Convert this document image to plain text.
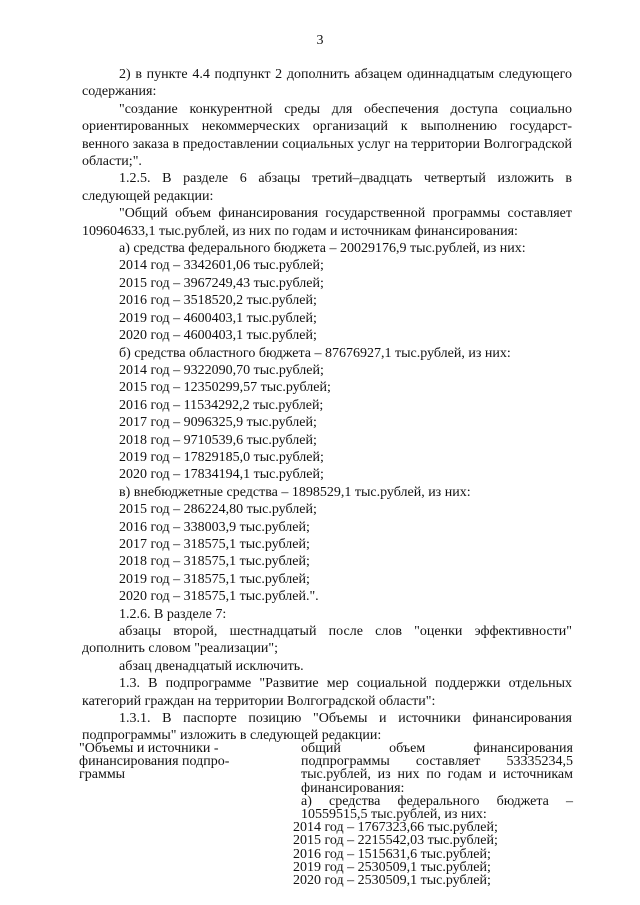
3

2) в пункте 4.4 подпункт 2 дополнить абзацем одиннадцатым следующего содержания:

"создание конкурентной среды для обеспечения доступа социально ориентированных некоммерческих организаций к выполнению государст-венного заказа в предоставлении социальных услуг на территории Волгоградской области;".

1.2.5. В разделе 6 абзацы третий–двадцать четвертый изложить в следующей редакции:

"Общий объем финансирования государственной программы составляет 109604633,1 тыс.рублей, из них по годам и источникам финансирования:

а) средства федерального бюджета – 20029176,9 тыс.рублей, из них:

2014 год – 3342601,06 тыс.рублей;

2015 год – 3967249,43 тыс.рублей;

2016 год – 3518520,2 тыс.рублей;

2019 год – 4600403,1 тыс.рублей;

2020 год – 4600403,1 тыс.рублей;

б) средства областного бюджета – 87676927,1 тыс.рублей, из них:

2014 год – 9322090,70 тыс.рублей;

2015 год – 12350299,57 тыс.рублей;

2016 год – 11534292,2 тыс.рублей;

2017 год – 9096325,9 тыс.рублей;

2018 год – 9710539,6 тыс.рублей;

2019 год – 17829185,0 тыс.рублей;

2020 год – 17834194,1 тыс.рублей;

в) внебюджетные средства – 1898529,1 тыс.рублей, из них:

2015 год – 286224,80 тыс.рублей;

2016 год – 338003,9 тыс.рублей;

2017 год – 318575,1 тыс.рублей;

2018 год – 318575,1 тыс.рублей;

2019 год – 318575,1 тыс.рублей;

2020 год – 318575,1 тыс.рублей.".

1.2.6. В разделе 7:

абзацы второй, шестнадцатый после слов "оценки эффективности" дополнить словом "реализации";

абзац двенадцатый исключить.

1.3. В подпрограмме "Развитие мер социальной поддержки отдельных категорий граждан на территории Волгоградской области":

1.3.1. В паспорте позицию "Объемы и источники финансирования подпрограммы" изложить в следующей редакции:

"Объемы и источники - финансирования подпро-граммы

общий объем финансирования подпрограммы составляет 53335234,5 тыс.рублей, из них по годам и источникам финансирования:

а) средства федерального бюджета – 10559515,5 тыс.рублей, из них:

2014 год – 1767323,66 тыс.рублей;

2015 год – 2215542,03 тыс.рублей;

2016 год – 1515631,6 тыс.рублей;

2019 год – 2530509,1 тыс.рублей;

2020 год – 2530509,1 тыс.рублей;
